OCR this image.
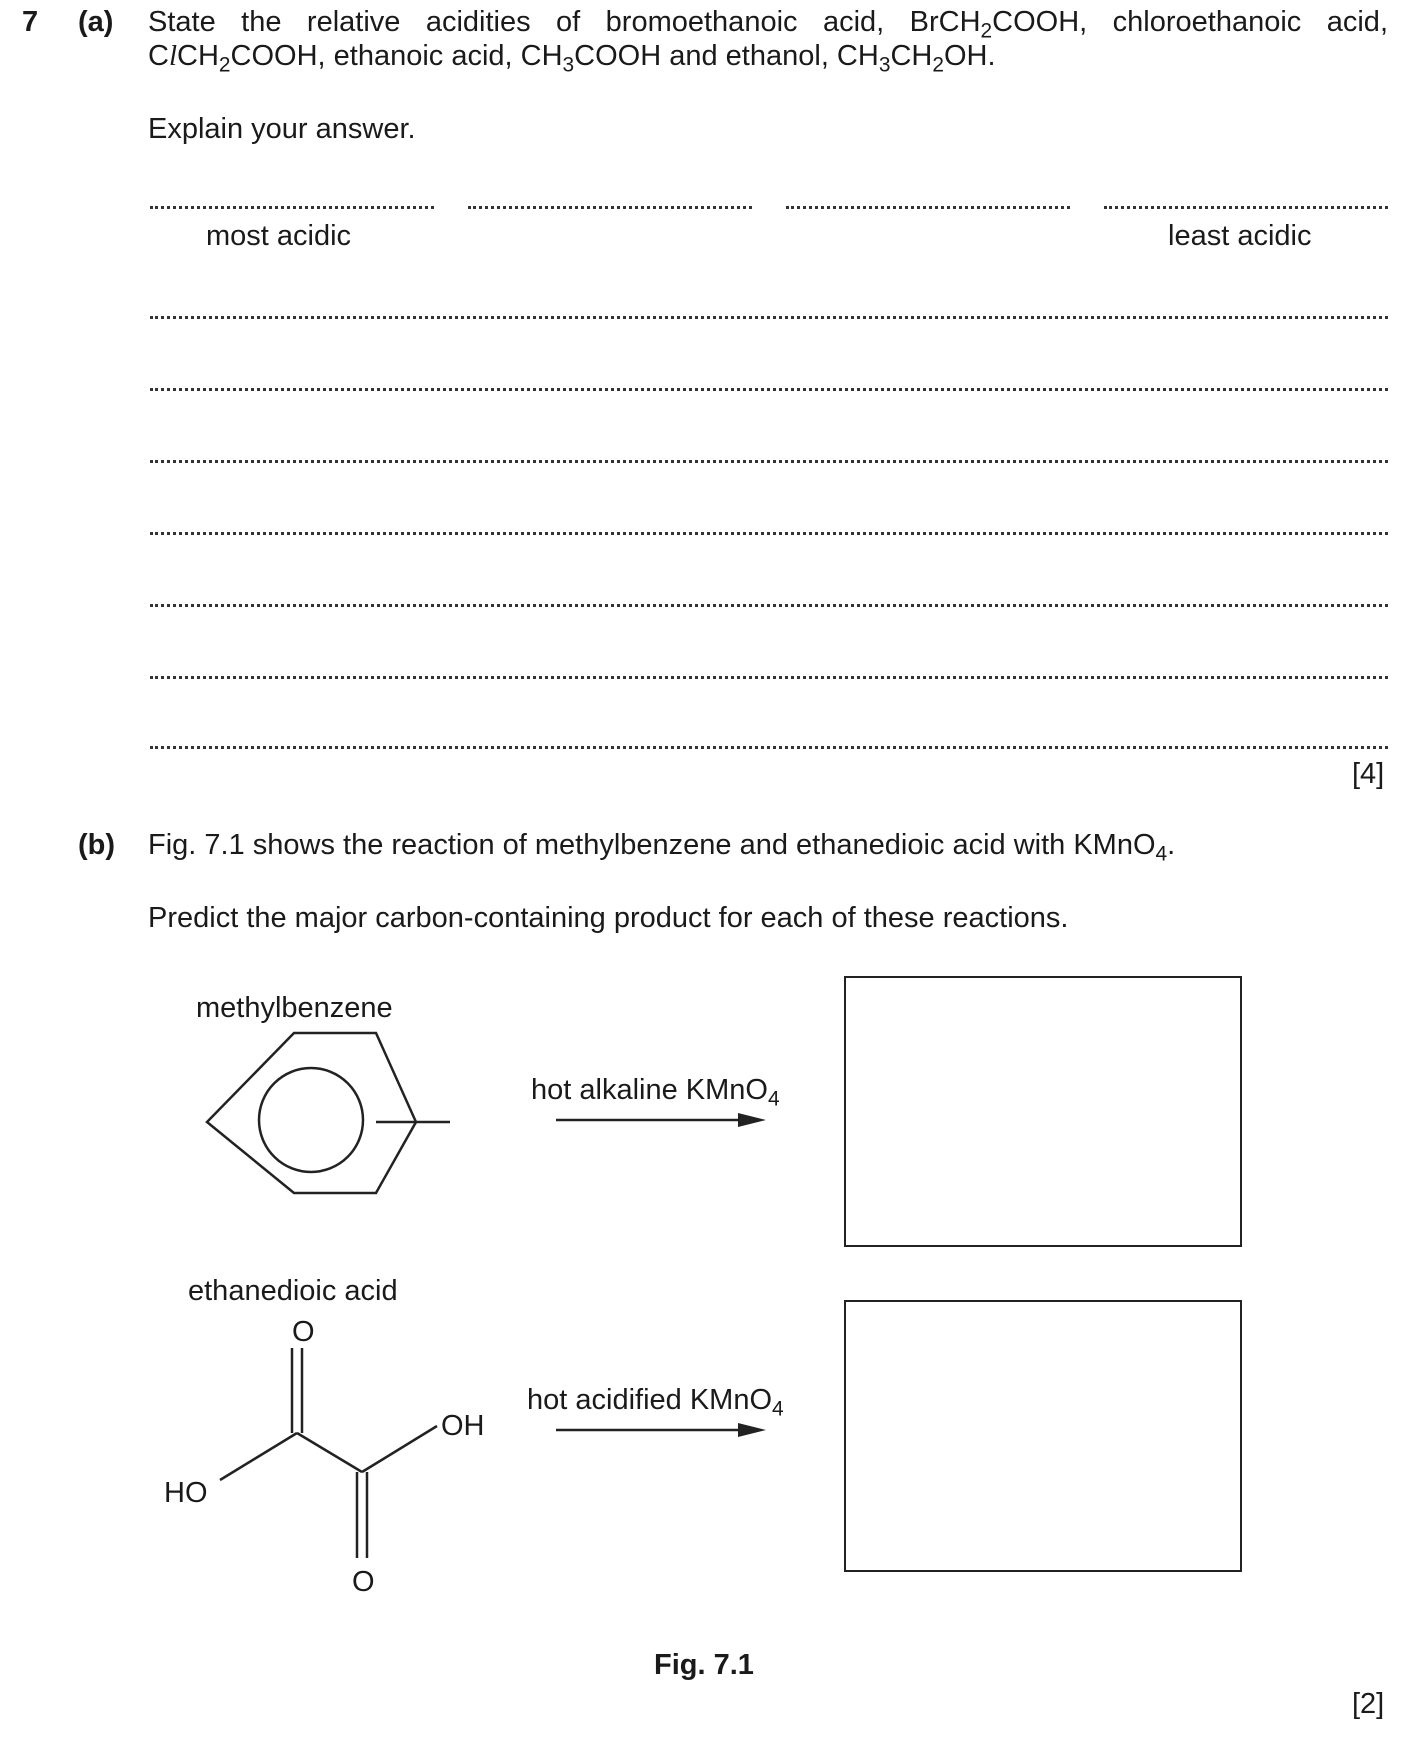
7 (a) State the relative acidities of bromoethanoic acid, BrCH$_2$COOH, chloroethanoic acid,
ClCH$_2$COOH, ethanoic acid, $CH_3COOH$ and ethanol, $CH_3CH_2OH$.
Explain your answer.
most acidic	least acidic
[4]
(b) Fig. 7.1 shows the reaction of methylbenzene and ethanedioic acid with KMnO$_4$.
Predict the major carbon-containing product for each of these reactions.
methylbenzene
hot alkaline KMnO$_4$
ethanedioic acid
O
OH
HO
O
hot acidified KMnO$_4$
Fig. 7.1
[2]
